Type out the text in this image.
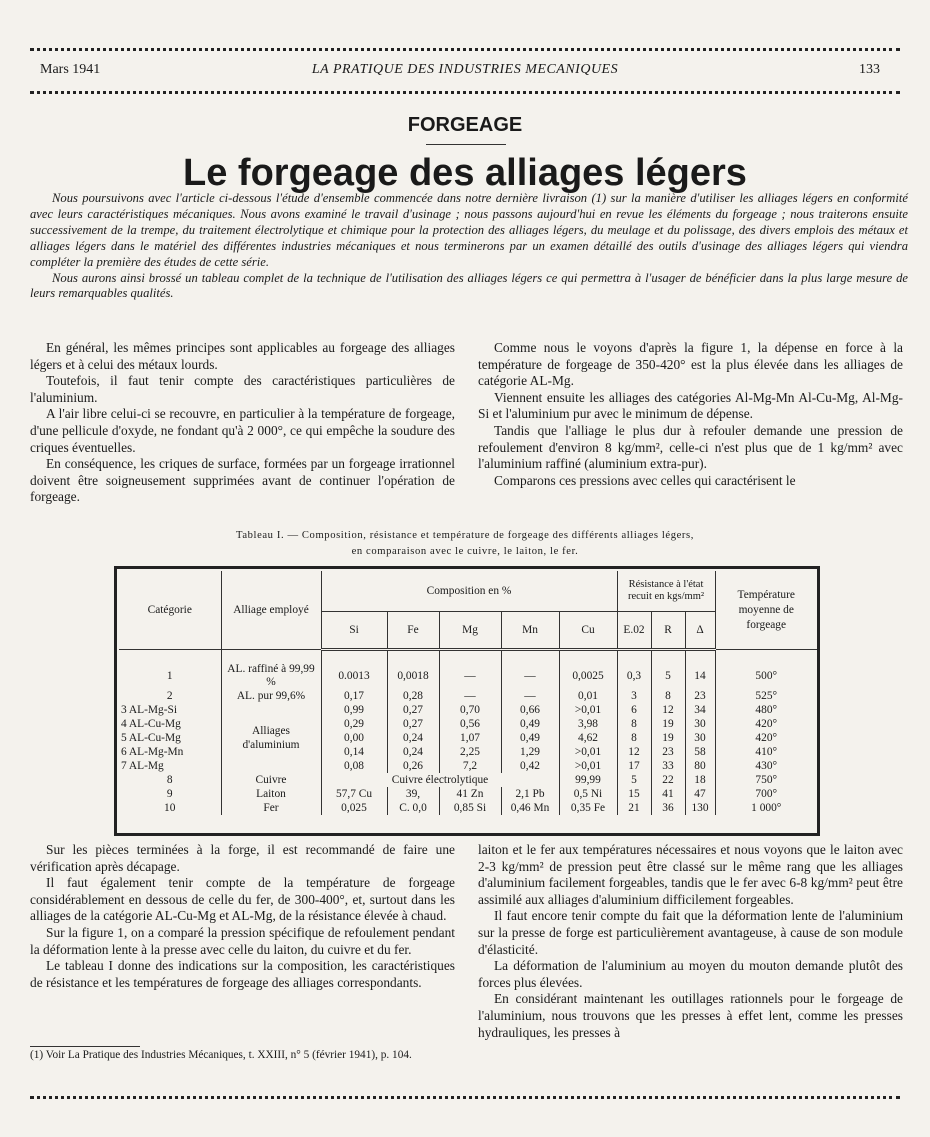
Mars 1941	LA PRATIQUE DES INDUSTRIES MECANIQUES	133
FORGEAGE
Le forgeage des alliages légers

Nous poursuivons avec l'article ci-dessous l'étude d'ensemble commencée dans notre dernière livraison (1) sur la manière d'utiliser les alliages légers en conformité avec leurs caractéristiques mécaniques. Nous avons examiné le travail d'usinage ; nous passons aujourd'hui en revue les éléments du forgeage ; nous traiterons ensuite successivement de la trempe, du traitement électrolytique et chimique pour la protection des alliages légers, du meulage et du polissage, des divers emplois des métaux et alliages légers dans le matériel des différentes industries mécaniques et nous terminerons par un examen détaillé des outils d'usinage des alliages légers qui viendra compléter la première des études de cette série.

Nous aurons ainsi brossé un tableau complet de la technique de l'utilisation des alliages légers ce qui permettra à l'usager de bénéficier dans la plus large mesure de leurs remarquables qualités.

En général, les mêmes principes sont applicables au forgeage des alliages légers et à celui des métaux lourds.

Toutefois, il faut tenir compte des caractéristiques particulières de l'aluminium.

A l'air libre celui-ci se recouvre, en particulier à la température de forgeage, d'une pellicule d'oxyde, ne fondant qu'à 2 000°, ce qui empêche la soudure des criques éventuelles.

En conséquence, les criques de surface, formées par un forgeage irrationnel doivent être soigneusement supprimées avant de continuer l'opération de forgeage.

Comme nous le voyons d'après la figure 1, la dépense en force à la température de forgeage de 350-420° est la plus élevée dans les alliages de catégorie AL-Mg.

Viennent ensuite les alliages des catégories Al-Mg-Mn Al-Cu-Mg, Al-Mg-Si et l'aluminium pur avec le minimum de dépense.

Tandis que l'alliage le plus dur à refouler demande une pression de refoulement d'environ 8 kg/mm², celle-ci n'est plus que de 1 kg/mm² avec l'aluminium raffiné (aluminium extra-pur).

Comparons ces pressions avec celles qui caractérisent le

Tableau I. — Composition, résistance et température de forgeage des différents alliages légers,
en comparaison avec le cuivre, le laiton, le fer.
Catégorie	Alliage employé	Composition en %					Résistance à l'état recuit en kgs/mm²			Température moyenne de forgeage
		Si	Fe	Mg	Mn	Cu	E.02	R	Δ	

1	AL. raffiné à 99,99 %	0.0013	0,0018	—	—	0,0025	0,3	5	14	500°
2	AL. pur 99,6%	0,17	0,28	—	—	0,01	3	8	23	525°
3 AL-Mg-Si	Alliages d'aluminium	0,99	0,27	0,70	0,66	>0,01	6	12	34	480°
4 AL-Cu-Mg		0,29	0,27	0,56	0,49	3,98	8	19	30	420°
5 AL-Cu-Mg		0,00	0,24	1,07	0,49	4,62	8	19	30	420°
6 AL-Mg-Mn		0,14	0,24	2,25	1,29	>0,01	12	23	58	410°
7 AL-Mg		0,08	0,26	7,2	0,42	>0,01	17	33	80	430°
8	Cuivre	Cuivre électrolytique				99,99	5	22	18	750°
9	Laiton	57,7 Cu	39,	41 Zn	2,1 Pb	0,5 Ni	15	41	47	700°
10	Fer	0,025	C. 0,0	0,85 Si	0,46 Mn	0,35 Fe	21	36	130	1 000°

Sur les pièces terminées à la forge, il est recommandé de faire une vérification après décapage.

Il faut également tenir compte de la température de forgeage considérablement en dessous de celle du fer, de 300-400°, et, surtout dans les alliages de la catégorie AL-Cu-Mg et AL-Mg, de la résistance élevée à chaud.

Sur la figure 1, on a comparé la pression spécifique de refoulement pendant la déformation lente à la presse avec celle du laiton, du cuivre et du fer.

Le tableau I donne des indications sur la composition, les caractéristiques de résistance et les températures de forgeage des alliages correspondants.

laiton et le fer aux températures nécessaires et nous voyons que le laiton avec 2-3 kg/mm² de pression peut être classé sur le même rang que les alliages d'aluminium facilement forgeables, tandis que le fer avec 6-8 kg/mm² peut être assimilé aux alliages d'aluminium difficilement forgeables.

Il faut encore tenir compte du fait que la déformation lente de l'aluminium sur la presse de forge est particulièrement avantageuse, à cause de son module d'élasticité.

La déformation de l'aluminium au moyen du mouton demande plutôt des forces plus élevées.

En considérant maintenant les outillages rationnels pour le forgeage de l'aluminium, nous trouvons que les presses à effet lent, comme les presses hydrauliques, les presses à

(1) Voir La Pratique des Industries Mécaniques, t. XXIII, n° 5 (février 1941), p. 104.
